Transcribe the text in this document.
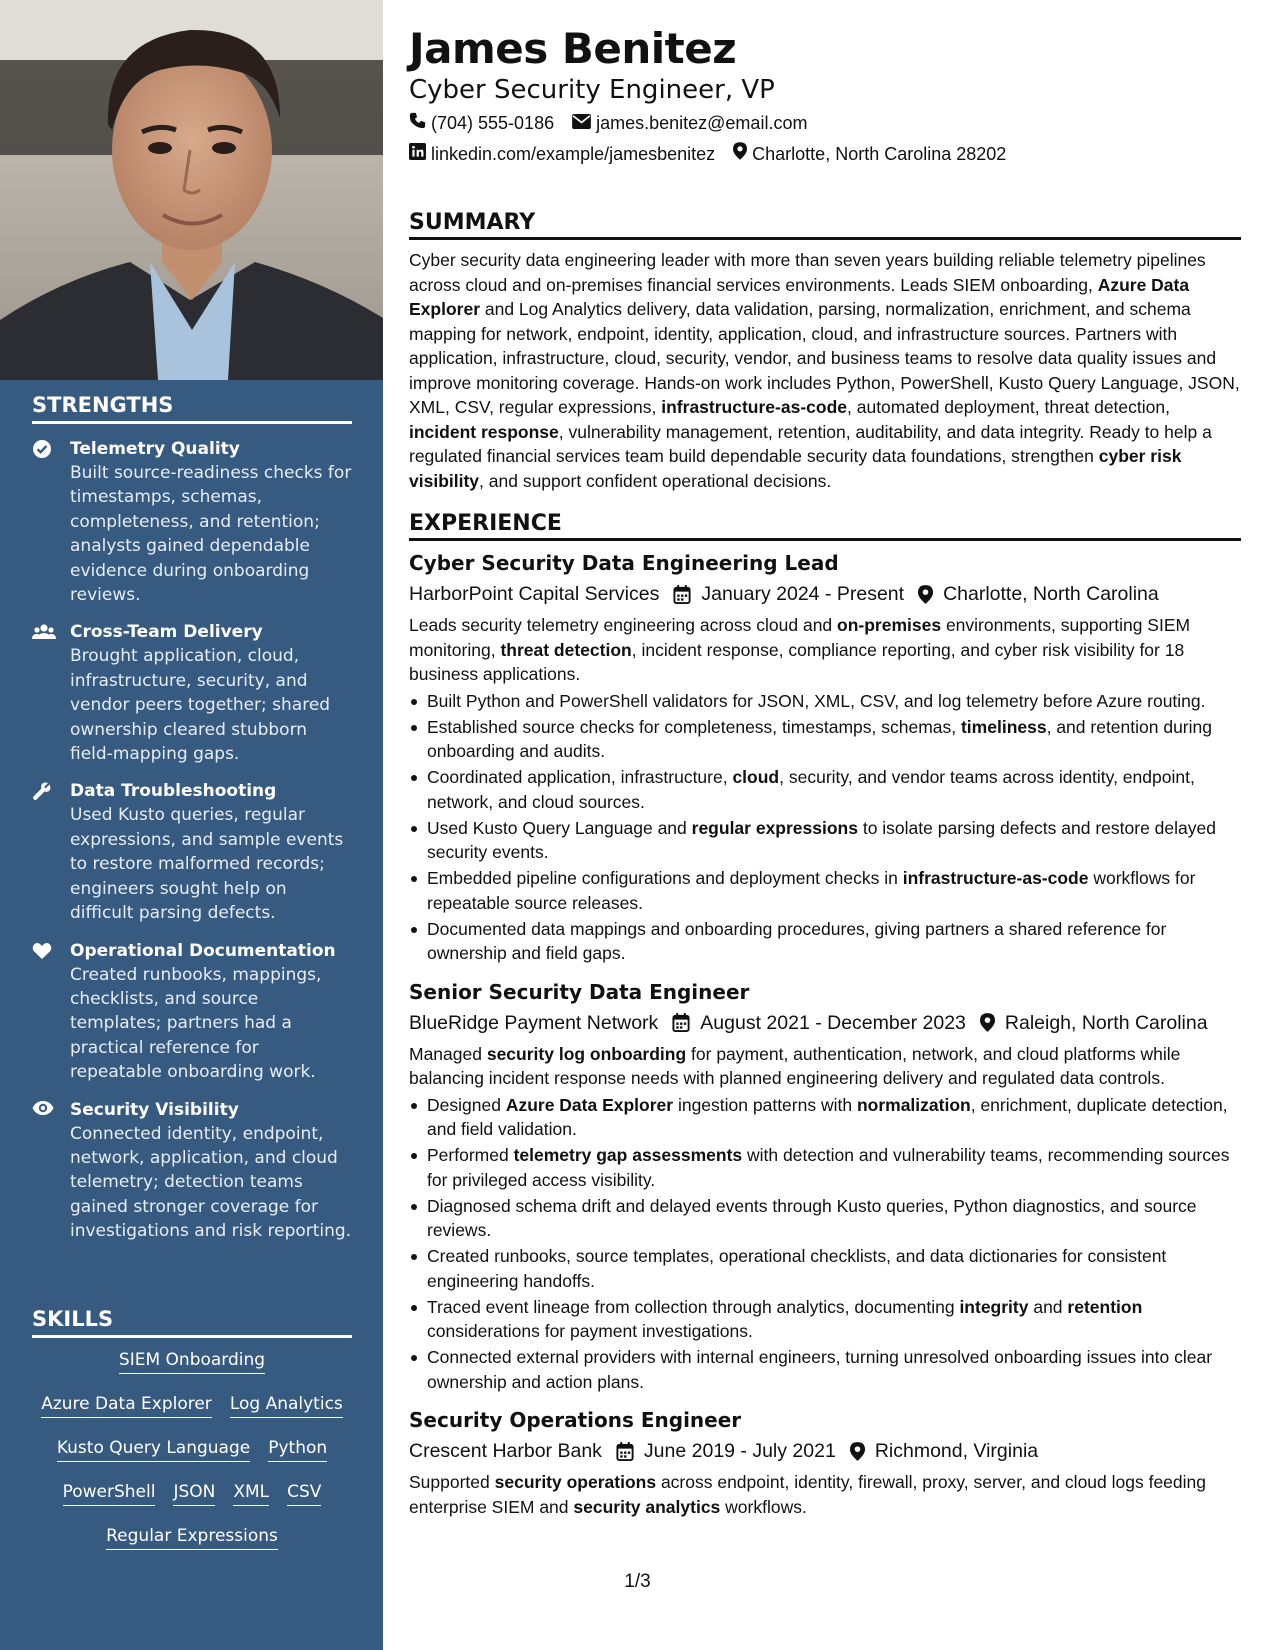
STRENGTHS
Telemetry Quality
Built source-readiness checks for timestamps, schemas, completeness, and retention; analysts gained dependable evidence during onboarding reviews.
Cross-Team Delivery
Brought application, cloud, infrastructure, security, and vendor peers together; shared ownership cleared stubborn field-mapping gaps.
Data Troubleshooting
Used Kusto queries, regular expressions, and sample events to restore malformed records; engineers sought help on difficult parsing defects.
Operational Documentation
Created runbooks, mappings, checklists, and source templates; partners had a practical reference for repeatable onboarding work.
Security Visibility
Connected identity, endpoint, network, application, and cloud telemetry; detection teams gained stronger coverage for investigations and risk reporting.
SKILLS
SIEM Onboarding
Azure Data Explorer Log Analytics
Kusto Query Language Python
PowerShell JSON XML CSV
Regular Expressions
James Benitez
Cyber Security Engineer, VP
(704) 555-0186 james.benitez@email.com
linkedin.com/example/jamesbenitez Charlotte, North Carolina 28202
SUMMARY
Cyber security data engineering leader with more than seven years building reliable telemetry pipelines across cloud and on-premises financial services environments. Leads SIEM onboarding, Azure Data Explorer and Log Analytics delivery, data validation, parsing, normalization, enrichment, and schema mapping for network, endpoint, identity, application, cloud, and infrastructure sources. Partners with application, infrastructure, cloud, security, vendor, and business teams to resolve data quality issues and improve monitoring coverage. Hands-on work includes Python, PowerShell, Kusto Query Language, JSON, XML, CSV, regular expressions, infrastructure-as-code, automated deployment, threat detection, incident response, vulnerability management, retention, auditability, and data integrity. Ready to help a regulated financial services team build dependable security data foundations, strengthen cyber risk visibility, and support confident operational decisions.
EXPERIENCE
Cyber Security Data Engineering Lead
HarborPoint Capital Services January 2024 - Present Charlotte, North Carolina
Leads security telemetry engineering across cloud and on-premises environments, supporting SIEM monitoring, threat detection, incident response, compliance reporting, and cyber risk visibility for 18 business applications.
Built Python and PowerShell validators for JSON, XML, CSV, and log telemetry before Azure routing.
Established source checks for completeness, timestamps, schemas, timeliness, and retention during onboarding and audits.
Coordinated application, infrastructure, cloud, security, and vendor teams across identity, endpoint, network, and cloud sources.
Used Kusto Query Language and regular expressions to isolate parsing defects and restore delayed security events.
Embedded pipeline configurations and deployment checks in infrastructure-as-code workflows for repeatable source releases.
Documented data mappings and onboarding procedures, giving partners a shared reference for ownership and field gaps.
Senior Security Data Engineer
BlueRidge Payment Network August 2021 - December 2023 Raleigh, North Carolina
Managed security log onboarding for payment, authentication, network, and cloud platforms while balancing incident response needs with planned engineering delivery and regulated data controls.
Designed Azure Data Explorer ingestion patterns with normalization, enrichment, duplicate detection, and field validation.
Performed telemetry gap assessments with detection and vulnerability teams, recommending sources for privileged access visibility.
Diagnosed schema drift and delayed events through Kusto queries, Python diagnostics, and source reviews.
Created runbooks, source templates, operational checklists, and data dictionaries for consistent engineering handoffs.
Traced event lineage from collection through analytics, documenting integrity and retention considerations for payment investigations.
Connected external providers with internal engineers, turning unresolved onboarding issues into clear ownership and action plans.
Security Operations Engineer
Crescent Harbor Bank June 2019 - July 2021 Richmond, Virginia
Supported security operations across endpoint, identity, firewall, proxy, server, and cloud logs feeding enterprise SIEM and security analytics workflows.
1/3
